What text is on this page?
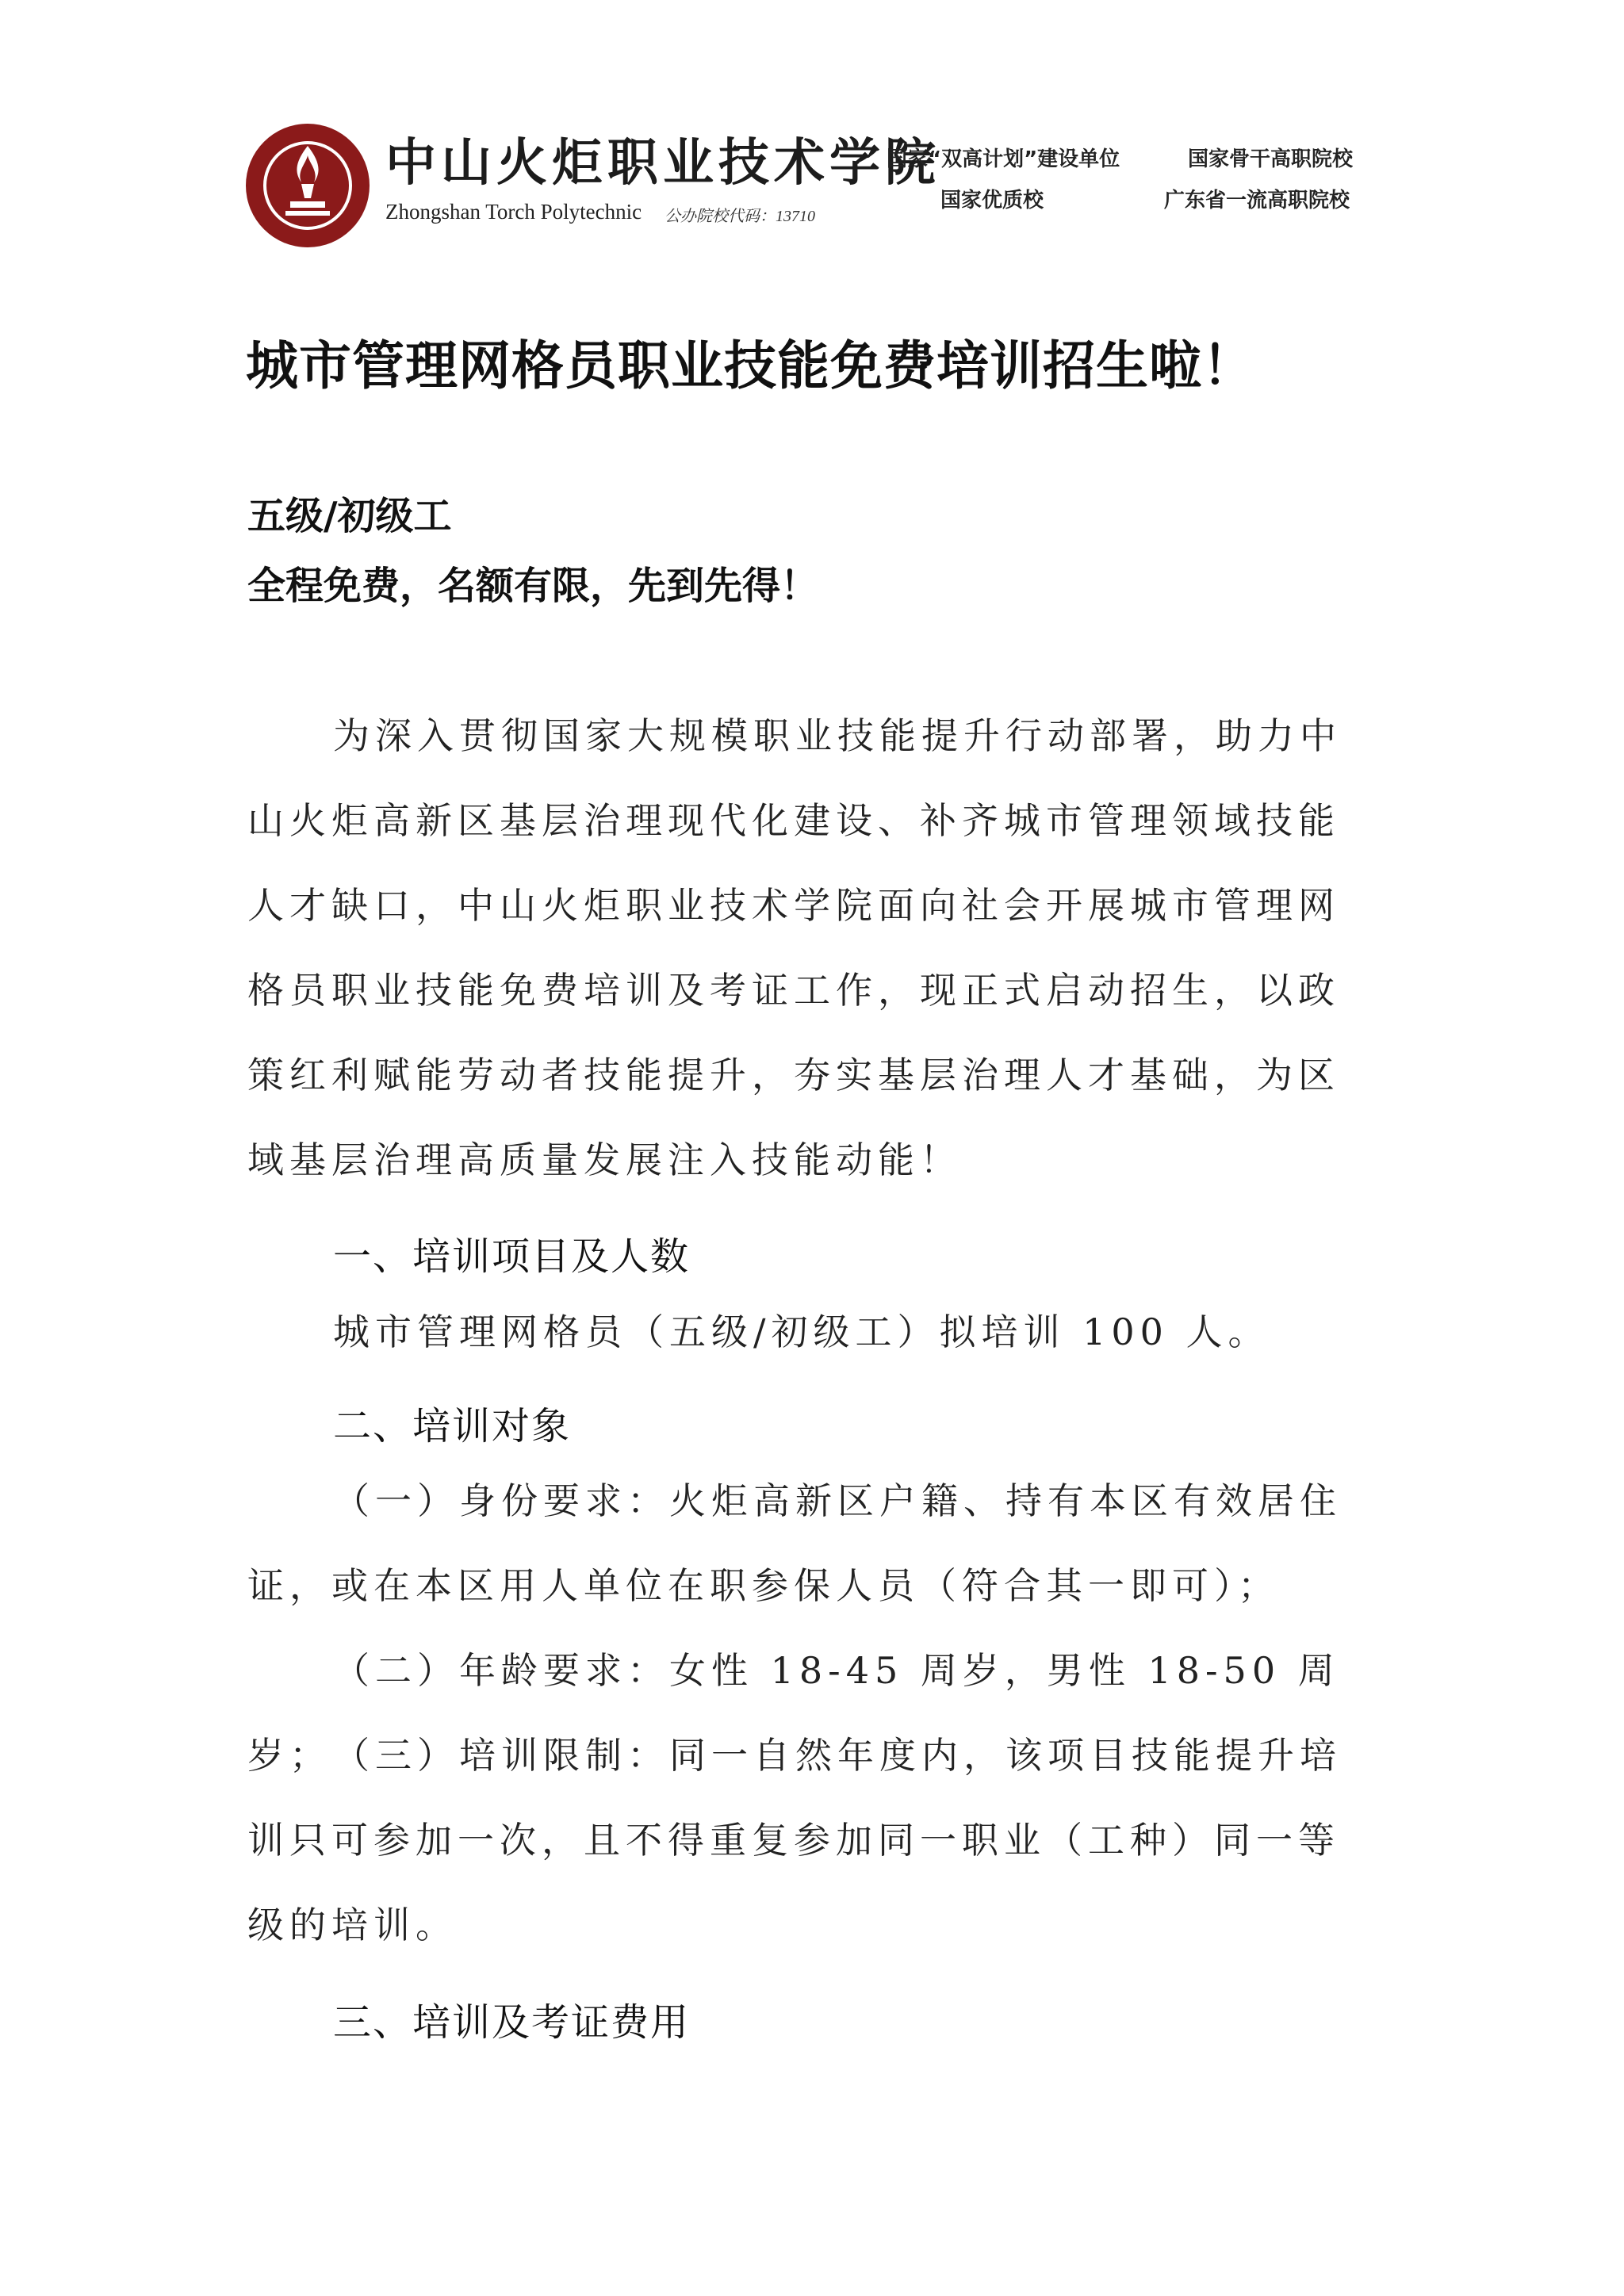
中山火炬职业技术学院
Zhongshan Torch Polytechnic 公办院校代码：13710
国家“双高计划”建设单位	国家骨干高职院校
国家优质校	广东省一流高职院校
城市管理网格员职业技能免费培训招生啦！
五级/初级工
全程免费，名额有限，先到先得！
为深入贯彻国家大规模职业技能提升行动部署，助力中山火炬高新区基层治理现代化建设、补齐城市管理领域技能人才缺口，中山火炬职业技术学院面向社会开展城市管理网格员职业技能免费培训及考证工作，现正式启动招生，以政策红利赋能劳动者技能提升，夯实基层治理人才基础，为区域基层治理高质量发展注入技能动能！
一、培训项目及人数
城市管理网格员（五级/初级工）拟培训 100 人。
二、培训对象
（一）身份要求：火炬高新区户籍、持有本区有效居住证，或在本区用人单位在职参保人员（符合其一即可）；
（二）年龄要求：女性 18-45 周岁，男性 18-50 周岁； （三）培训限制：同一自然年度内，该项目技能提升培训只可参加一次，且不得重复参加同一职业（工种）同一等级的培训。
三、培训及考证费用
